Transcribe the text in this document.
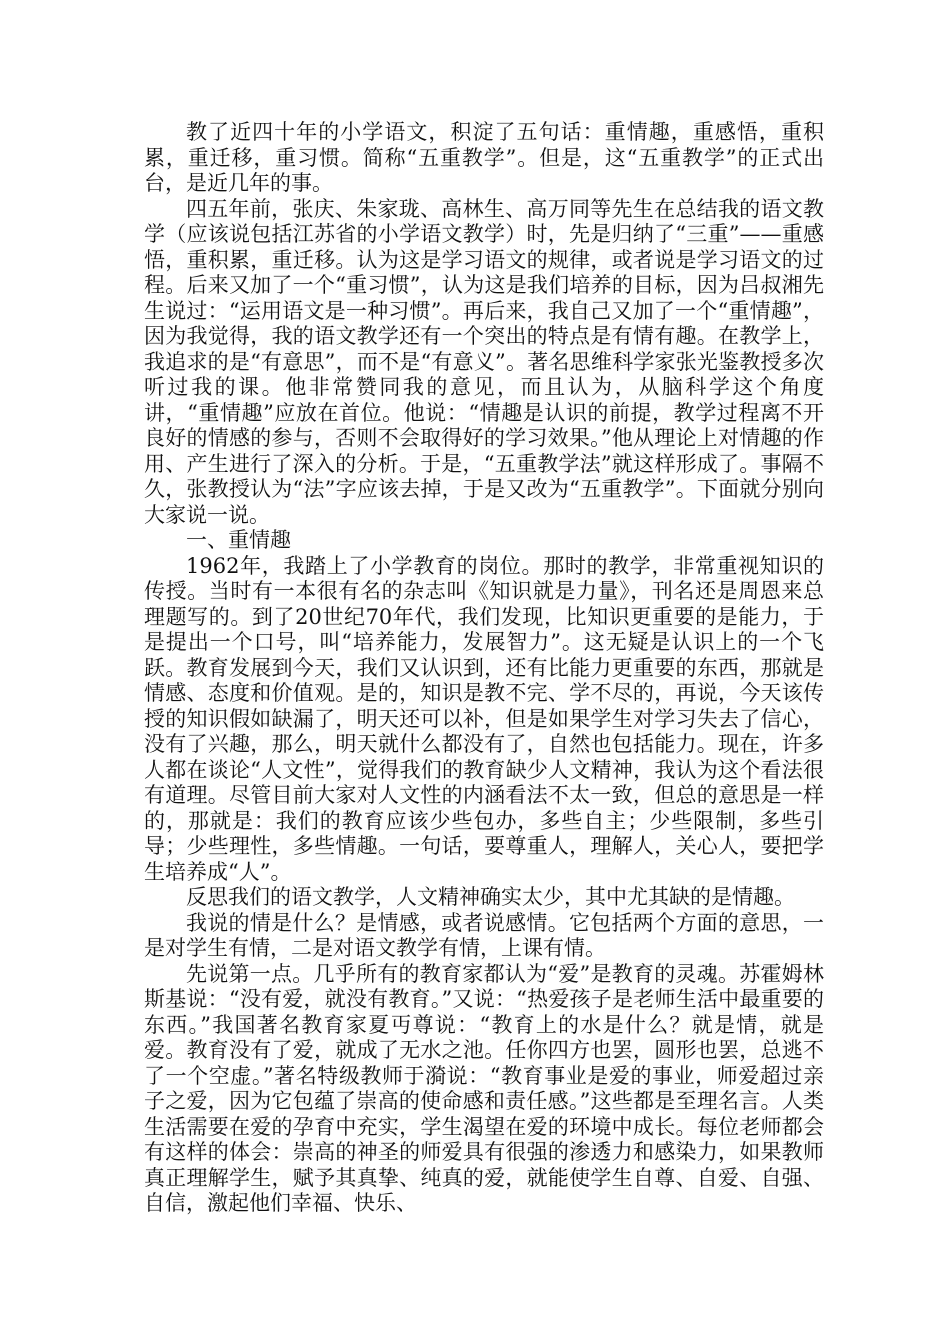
教了近四十年的小学语文，积淀了五句话：重情趣，重感悟，重积累，重迁移，重习惯。简称“五重教学”。但是，这“五重教学”的正式出台，是近几年的事。

四五年前，张庆、朱家珑、高林生、高万同等先生在总结我的语文教学（应该说包括江苏省的小学语文教学）时，先是归纳了“三重”——重感悟，重积累，重迁移。认为这是学习语文的规律，或者说是学习语文的过程。后来又加了一个“重习惯”，认为这是我们培养的目标，因为吕叔湘先生说过：“运用语文是一种习惯”。再后来，我自己又加了一个“重情趣”，因为我觉得，我的语文教学还有一个突出的特点是有情有趣。在教学上，我追求的是“有意思”，而不是“有意义”。著名思维科学家张光鉴教授多次听过我的课。他非常赞同我的意见，而且认为，从脑科学这个角度讲，“重情趣”应放在首位。他说：“情趣是认识的前提，教学过程离不开良好的情感的参与，否则不会取得好的学习效果。”他从理论上对情趣的作用、产生进行了深入的分析。于是，“五重教学法”就这样形成了。事隔不久，张教授认为“法”字应该去掉，于是又改为“五重教学”。下面就分别向大家说一说。

一、重情趣

1962年，我踏上了小学教育的岗位。那时的教学，非常重视知识的传授。当时有一本很有名的杂志叫《知识就是力量》，刊名还是周恩来总理题写的。到了20世纪70年代，我们发现，比知识更重要的是能力，于是提出一个口号，叫“培养能力，发展智力”。这无疑是认识上的一个飞跃。教育发展到今天，我们又认识到，还有比能力更重要的东西，那就是情感、态度和价值观。是的，知识是教不完、学不尽的，再说，今天该传授的知识假如缺漏了，明天还可以补，但是如果学生对学习失去了信心，没有了兴趣，那么，明天就什么都没有了，自然也包括能力。现在，许多人都在谈论“人文性”，觉得我们的教育缺少人文精神，我认为这个看法很有道理。尽管目前大家对人文性的内涵看法不太一致，但总的意思是一样的，那就是：我们的教育应该少些包办，多些自主；少些限制，多些引导；少些理性，多些情趣。一句话，要尊重人，理解人，关心人，要把学生培养成“人”。

反思我们的语文教学，人文精神确实太少，其中尤其缺的是情趣。

我说的情是什么？是情感，或者说感情。它包括两个方面的意思，一是对学生有情，二是对语文教学有情，上课有情。

先说第一点。几乎所有的教育家都认为“爱”是教育的灵魂。苏霍姆林斯基说：“没有爱，就没有教育。”又说：“热爱孩子是老师生活中最重要的东西。”我国著名教育家夏丏尊说：“教育上的水是什么？就是情，就是爱。教育没有了爱，就成了无水之池。任你四方也罢，圆形也罢，总逃不了一个空虚。”著名特级教师于漪说：“教育事业是爱的事业，师爱超过亲子之爱，因为它包蕴了崇高的使命感和责任感。”这些都是至理名言。人类生活需要在爱的孕育中充实，学生渴望在爱的环境中成长。每位老师都会有这样的体会：崇高的神圣的师爱具有很强的渗透力和感染力，如果教师真正理解学生，赋予其真挚、纯真的爱，就能使学生自尊、自爱、自强、自信，激起他们幸福、快乐、
